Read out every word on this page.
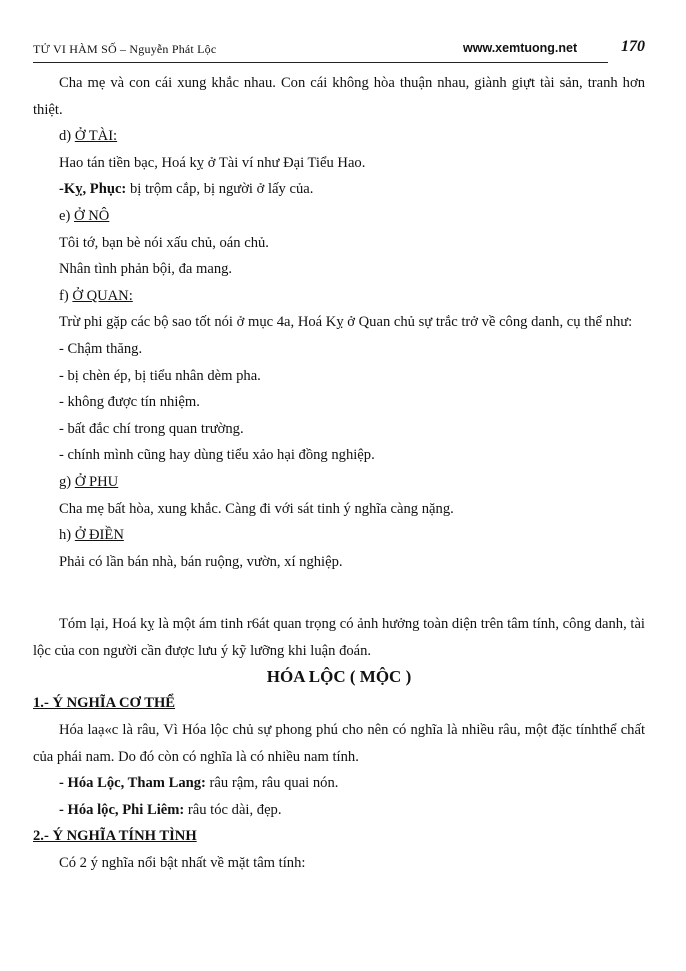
TỬ VI HÀM SỐ – Nguyễn Phát Lộc	www.xemtuong.net	170

Cha mẹ và con cái xung khắc nhau. Con cái không hòa thuận nhau, giành giựt tài sản, tranh hơn thiệt.

d) Ở TÀI:

Hao tán tiền bạc, Hoá kỵ ở Tài ví như Đại Tiểu Hao.

-Kỵ, Phục: bị trộm cắp, bị người ở lấy của.

e) Ở NÔ

Tôi tớ, bạn bè nói xấu chủ, oán chủ.

Nhân tình phản bội, đa mang.

f) Ở QUAN:

Trừ phi gặp các bộ sao tốt nói ở mục 4a, Hoá Kỵ ở Quan chủ sự trắc trở về công danh, cụ thể như:

- Chậm thăng.

- bị chèn ép, bị tiểu nhân dèm pha.

- không được tín nhiệm.

- bất đắc chí trong quan trường.

- chính mình cũng hay dùng tiểu xảo hại đồng nghiệp.

g) Ở PHU

Cha mẹ bất hòa, xung khắc. Càng đi với sát tinh ý nghĩa càng nặng.

h) Ở ĐIỀN

Phải có lần bán nhà, bán ruộng, vườn, xí nghiệp.

Tóm lại, Hoá kỵ là một ám tinh r6át quan trọng có ảnh hưởng toàn diện trên tâm tính, công danh, tài lộc của con người cần được lưu ý kỹ lưỡng khi luận đoán.

HÓA LỘC ( MỘC )

1.- Ý NGHĨA CƠ THỂ

Hóa laạ«c là râu, Vì Hóa lộc chủ sự phong phú cho nên có nghĩa là nhiều râu, một đặc tínhthể chất của phái nam. Do đó còn có nghĩa là có nhiều nam tính.

- Hóa Lộc, Tham Lang: râu rậm, râu quai nón.

- Hóa lộc, Phi Liêm: râu tóc dài, đẹp.

2.- Ý NGHĨA TÍNH TÌNH

Có 2 ý nghĩa nổi bật nhất về mặt tâm tính:
